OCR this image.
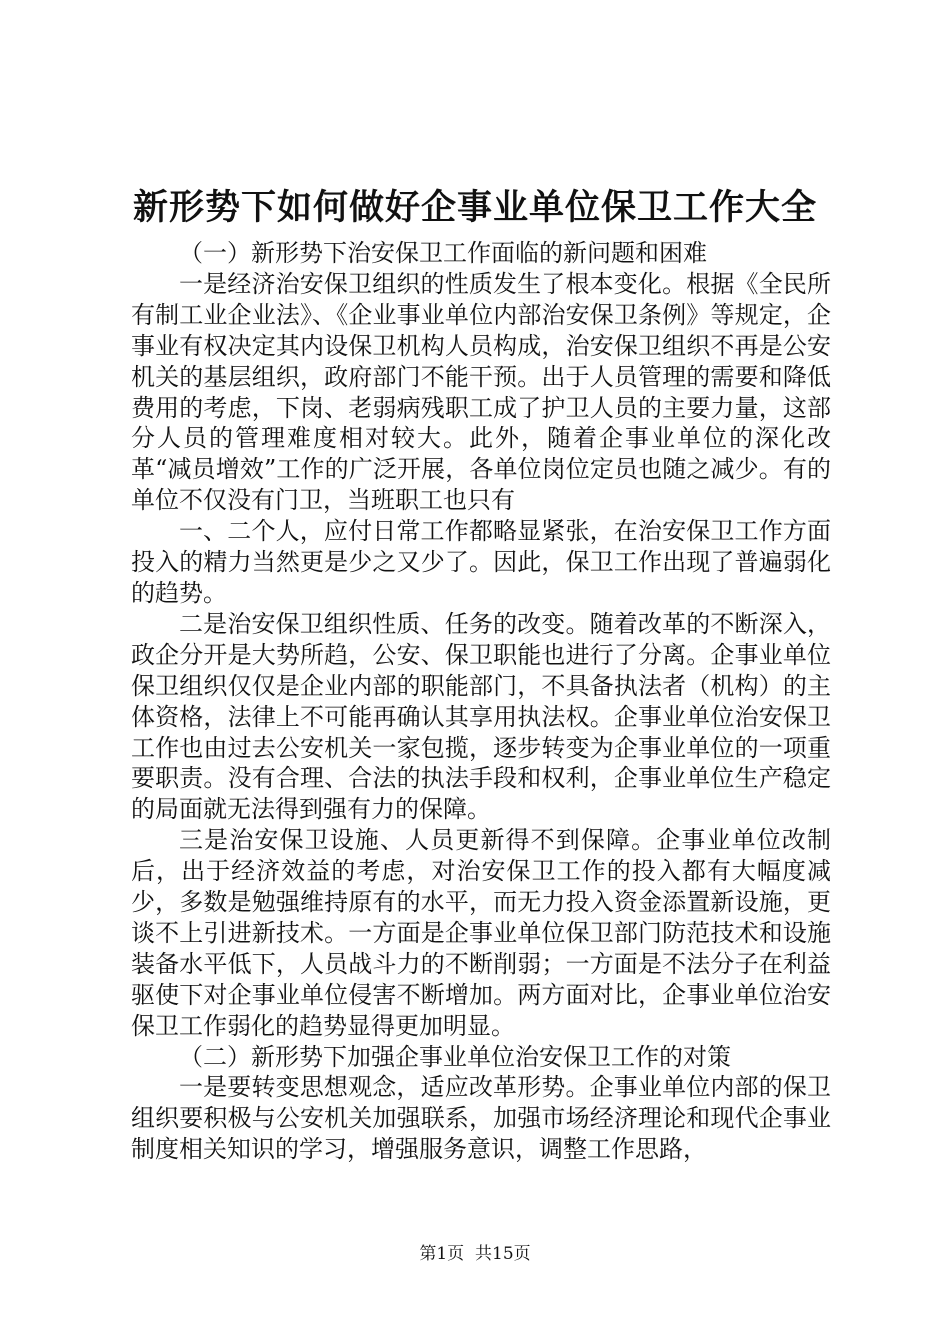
新形势下如何做好企事业单位保卫工作大全

（一）新形势下治安保卫工作面临的新问题和困难

一是经济治安保卫组织的性质发生了根本变化。根据《全民所有制工业企业法》、《企业事业单位内部治安保卫条例》等规定，企事业有权决定其内设保卫机构人员构成，治安保卫组织不再是公安机关的基层组织，政府部门不能干预。出于人员管理的需要和降低费用的考虑，下岗、老弱病残职工成了护卫人员的主要力量，这部分人员的管理难度相对较大。此外，随着企事业单位的深化改革“减员增效”工作的广泛开展，各单位岗位定员也随之减少。有的单位不仅没有门卫，当班职工也只有

一、二个人，应付日常工作都略显紧张，在治安保卫工作方面投入的精力当然更是少之又少了。因此，保卫工作出现了普遍弱化的趋势。

二是治安保卫组织性质、任务的改变。随着改革的不断深入，政企分开是大势所趋，公安、保卫职能也进行了分离。企事业单位保卫组织仅仅是企业内部的职能部门，不具备执法者（机构）的主体资格，法律上不可能再确认其享用执法权。企事业单位治安保卫工作也由过去公安机关一家包揽，逐步转变为企事业单位的一项重要职责。没有合理、合法的执法手段和权利，企事业单位生产稳定的局面就无法得到强有力的保障。

三是治安保卫设施、人员更新得不到保障。企事业单位改制后，出于经济效益的考虑，对治安保卫工作的投入都有大幅度减少，多数是勉强维持原有的水平，而无力投入资金添置新设施，更谈不上引进新技术。一方面是企事业单位保卫部门防范技术和设施装备水平低下，人员战斗力的不断削弱；一方面是不法分子在利益驱使下对企事业单位侵害不断增加。两方面对比，企事业单位治安保卫工作弱化的趋势显得更加明显。

（二）新形势下加强企事业单位治安保卫工作的对策

一是要转变思想观念，适应改革形势。企事业单位内部的保卫组织要积极与公安机关加强联系，加强市场经济理论和现代企事业制度相关知识的学习，增强服务意识，调整工作思路，

第1页 共15页
